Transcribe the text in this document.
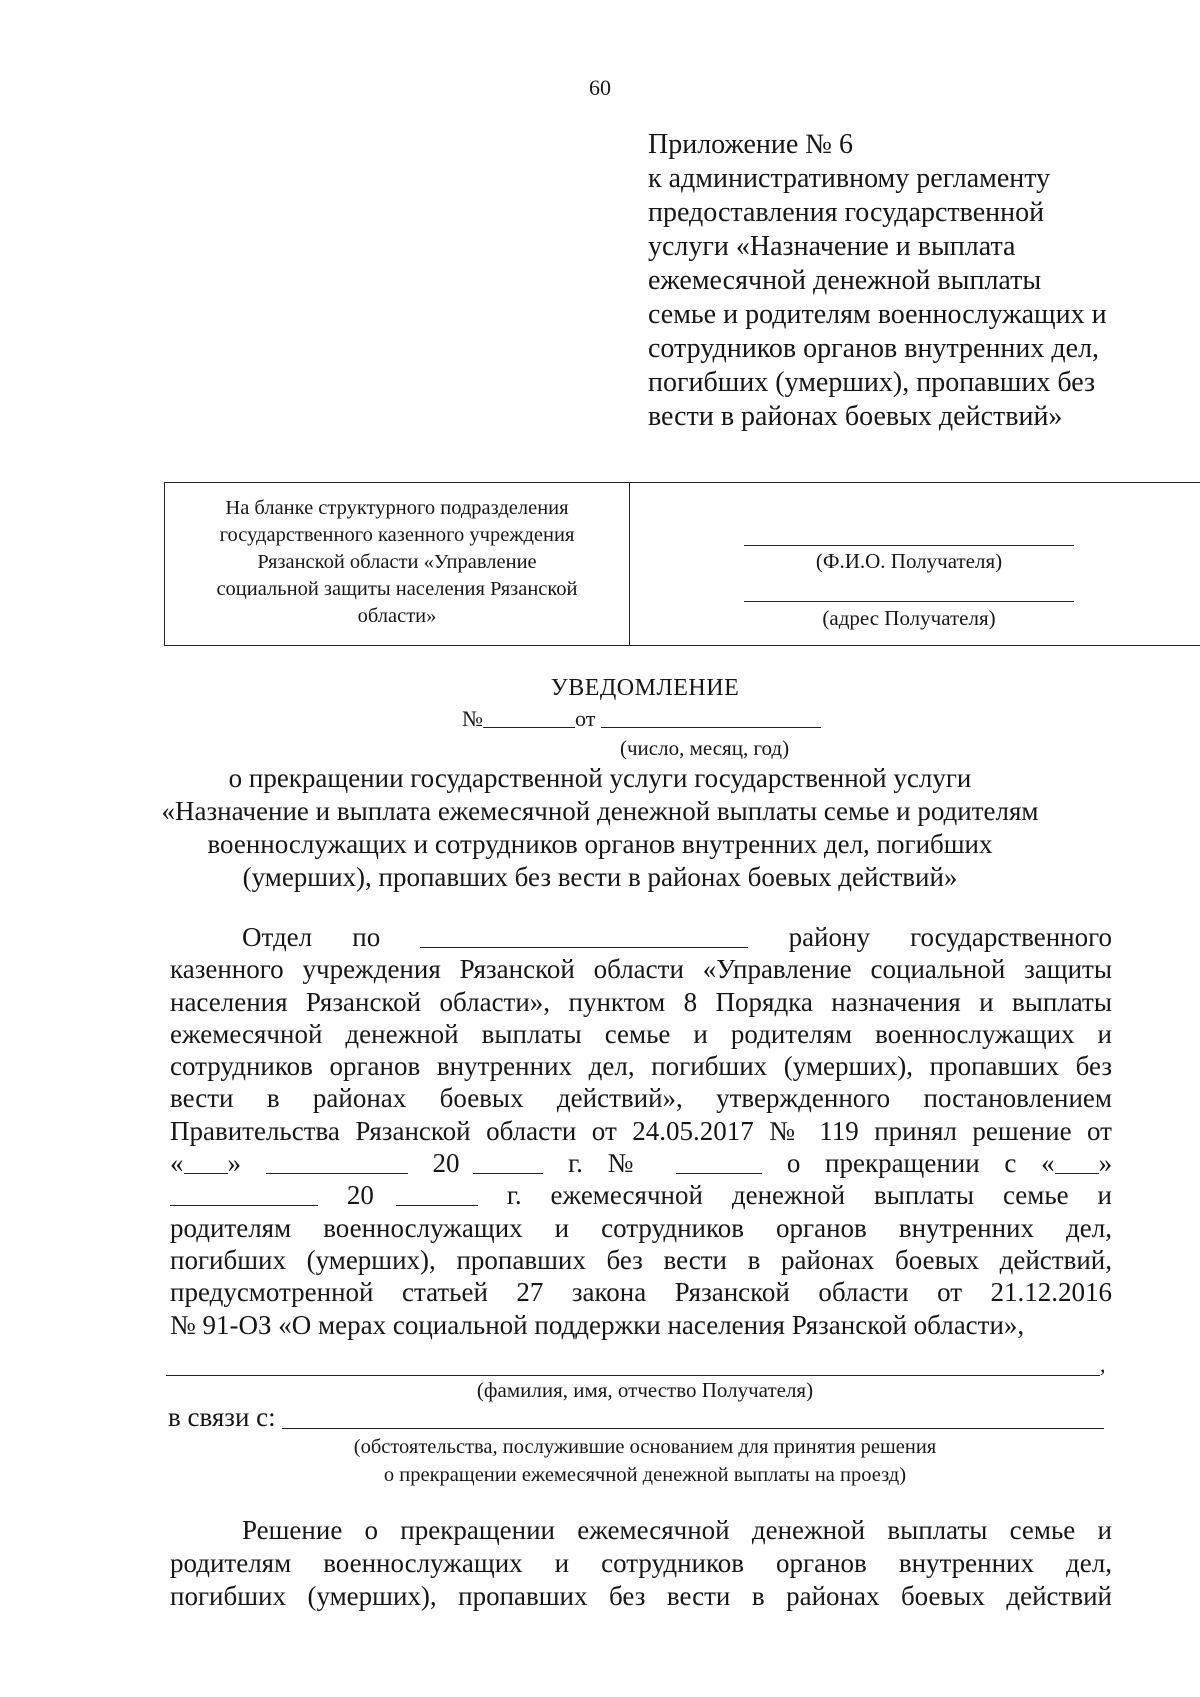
60
Приложение № 6
к административному регламенту
предоставления государственной
услуги «Назначение и выплата
ежемесячной денежной выплаты
семье и родителям военнослужащих и
сотрудников органов внутренних дел,
погибших (умерших), пропавших без
вести в районах боевых действий»
На бланке структурного подразделения
государственного казенного учреждения
Рязанской области «Управление
социальной защиты населения Рязанской
области»
(Ф.И.О. Получателя)
(адрес Получателя)
УВЕДОМЛЕНИЕ
№	от
(число, месяц, год)
о прекращении государственной услуги государственной услуги
«Назначение и выплата ежемесячной денежной выплаты семье и родителям
военнослужащих и сотрудников органов внутренних дел, погибших
(умерших), пропавших без вести в районах боевых действий»
Отдел по	району государственного
казенного учреждения Рязанской области «Управление социальной защиты
населения Рязанской области», пунктом 8 Порядка назначения и выплаты
ежемесячной денежной выплаты семье и родителям военнослужащих и
сотрудников органов внутренних дел, погибших (умерших), пропавших без
вести в районах боевых действий», утвержденного постановлением
Правительства Рязанской области от 24.05.2017 № 119 принял решение от
« »	20	г. №	о прекращении с « »
20	г. ежемесячной денежной выплаты семье и
родителям военнослужащих и сотрудников органов внутренних дел,
погибших (умерших), пропавших без вести в районах боевых действий,
предусмотренной статьей 27 закона Рязанской области от 21.12.2016
№ 91-ОЗ «О мерах социальной поддержки населения Рязанской области»,
,
(фамилия, имя, отчество Получателя)
в связи с:
(обстоятельства, послужившие основанием для принятия решения
о прекращении ежемесячной денежной выплаты на проезд)
Решение о прекращении ежемесячной денежной выплаты семье и
родителям военнослужащих и сотрудников органов внутренних дел,
погибших (умерших), пропавших без вести в районах боевых действий
